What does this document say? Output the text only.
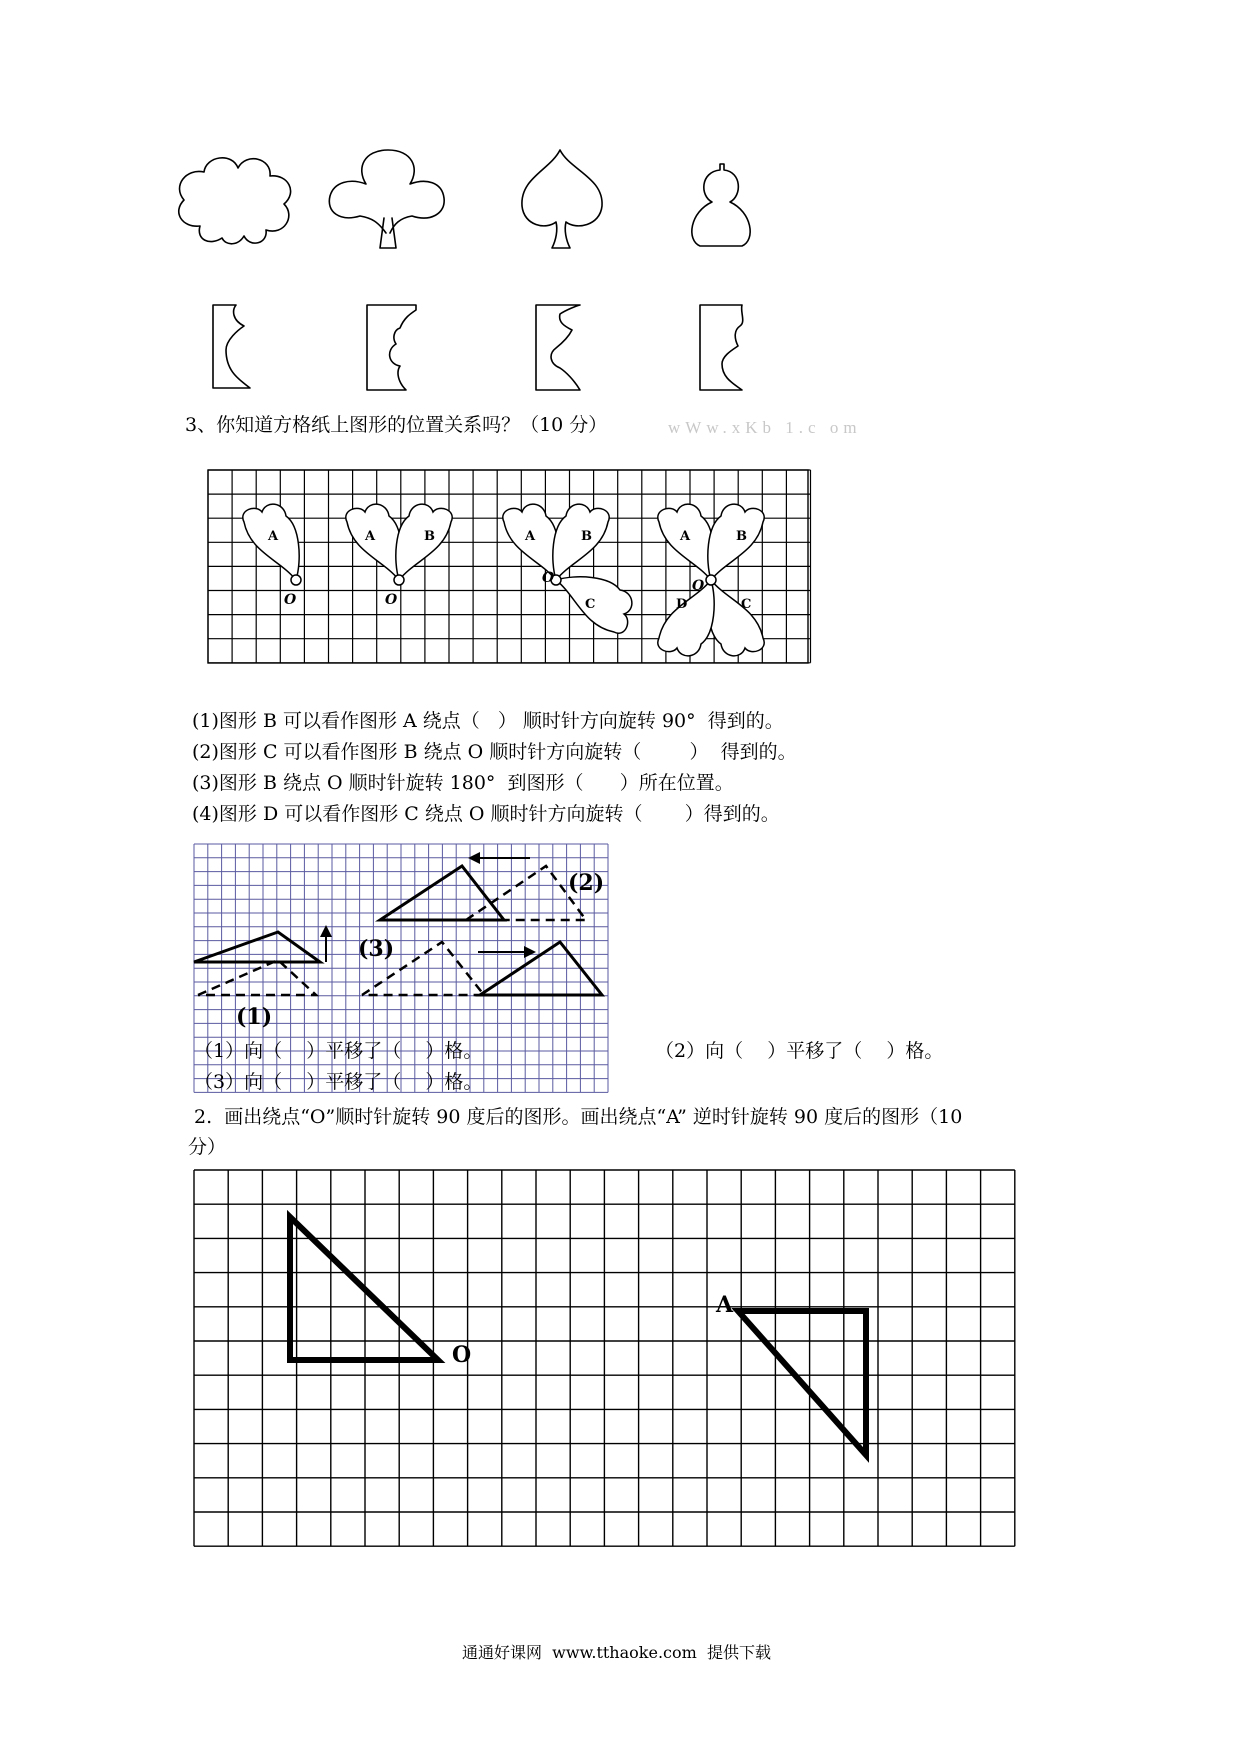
3、你知道方格纸上图形的位置关系吗？（10 分）	wWw.xKb 1.c om
A
O
A	B
O
A	B
C
O
A	B
C
D
O
(1)图形 B 可以看作图形 A 绕点（   ） 顺时针方向旋转 90°  得到的。
(2)图形 C 可以看作图形 B 绕点 O 顺时针方向旋转（        ）  得到的。
(3)图形 B 绕点 O 顺时针旋转 180°  到图形（      ）所在位置。
(4)图形 D 可以看作图形 C 绕点 O 顺时针方向旋转（       ）得到的。
(1)
(2)
(3)
（1）向（    ）平移了（    ）格。	（2）向（    ）平移了（    ）格。
（3）向（    ）平移了（    ）格。
2.  画出绕点“O”顺时针旋转 90 度后的图形。画出绕点“A” 逆时针旋转 90 度后的图形（10
分）
O
A
通通好课网  www.tthaoke.com  提供下载
